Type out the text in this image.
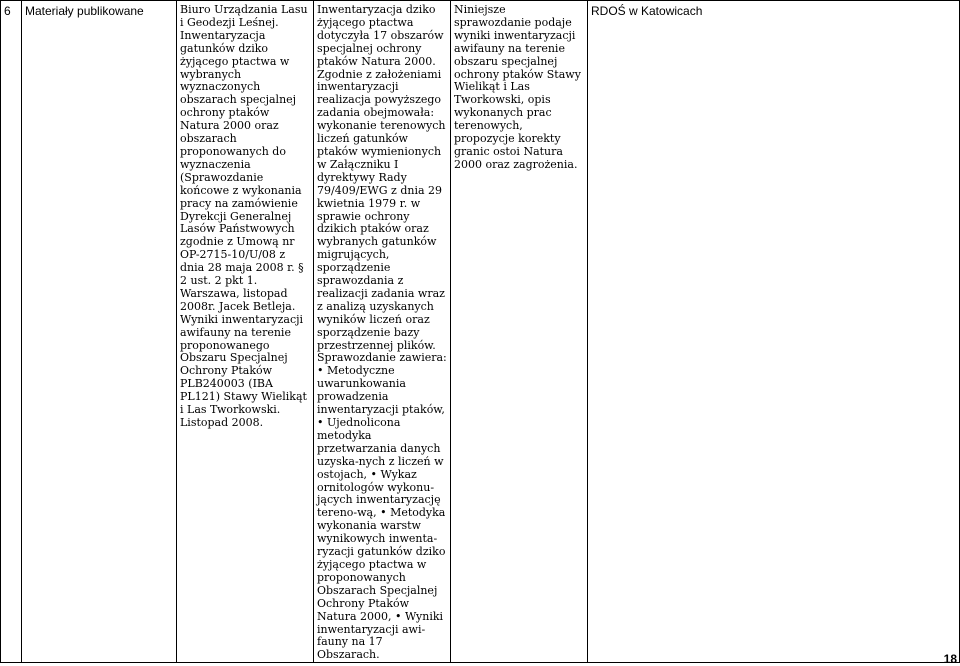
6	Materiały publikowane	Biuro Urządzania Lasu i Geodezji Leśnej. Inwentaryzacja gatunków dziko żyjącego ptactwa w wybranych wyznaczonych obszarach specjalnej ochrony ptaków Natura 2000 oraz obszarach proponowanych do wyznaczenia (Sprawozdanie końcowe z wykonania pracy na zamówienie Dyrekcji Generalnej Lasów Państwowych zgodnie z Umową nr OP-2715-10/U/08 z dnia 28 maja 2008 r. § 2 ust. 2 pkt 1. Warszawa, listopad 2008r. Jacek Betleja. Wyniki inwentaryzacji awifauny na terenie proponowanego Obszaru Specjalnej Ochrony Ptaków PLB240003 (IBA PL121) Stawy Wielikąt i Las Tworkowski. Listopad 2008.	Inwentaryzacja dziko żyjącego ptactwa dotyczyła 17 obszarów specjalnej ochrony ptaków Natura 2000. Zgodnie z założeniami inwentaryzacji realizacja powyższego zadania obejmowała: wykonanie terenowych liczeń gatunków ptaków wymienionych w Załączniku I dyrektywy Rady 79/409/EWG z dnia 29 kwietnia 1979 r. w sprawie ochrony dzikich ptaków oraz wybranych gatunków migrujących, sporządzenie sprawozdania z realizacji zadania wraz z analizą uzyskanych wyników liczeń oraz sporządzenie bazy przestrzennej plików. Sprawozdanie zawiera: • Metodyczne uwarunkowania prowadzenia inwentaryzacji ptaków, • Ujednolicona metodyka przetwarzania danych uzyska-nych z liczeń w ostojach, • Wykaz ornitologów wykonu-jących inwentaryzację tereno-wą, • Metodyka wykonania warstw wynikowych inwenta-ryzacji gatunków dziko żyjącego ptactwa w proponowanych Obszarach Specjalnej Ochrony Ptaków Natura 2000, • Wyniki inwentaryzacji awi-fauny na 17 Obszarach.	Niniejsze sprawozdanie podaje wyniki inwentaryzacji awifauny na terenie obszaru specjalnej ochrony ptaków Stawy Wielikąt i Las Tworkowski, opis wykonanych prac terenowych, propozycje korekty granic ostoi Natura 2000 oraz zagrożenia.	RDOŚ w Katowicach
18
